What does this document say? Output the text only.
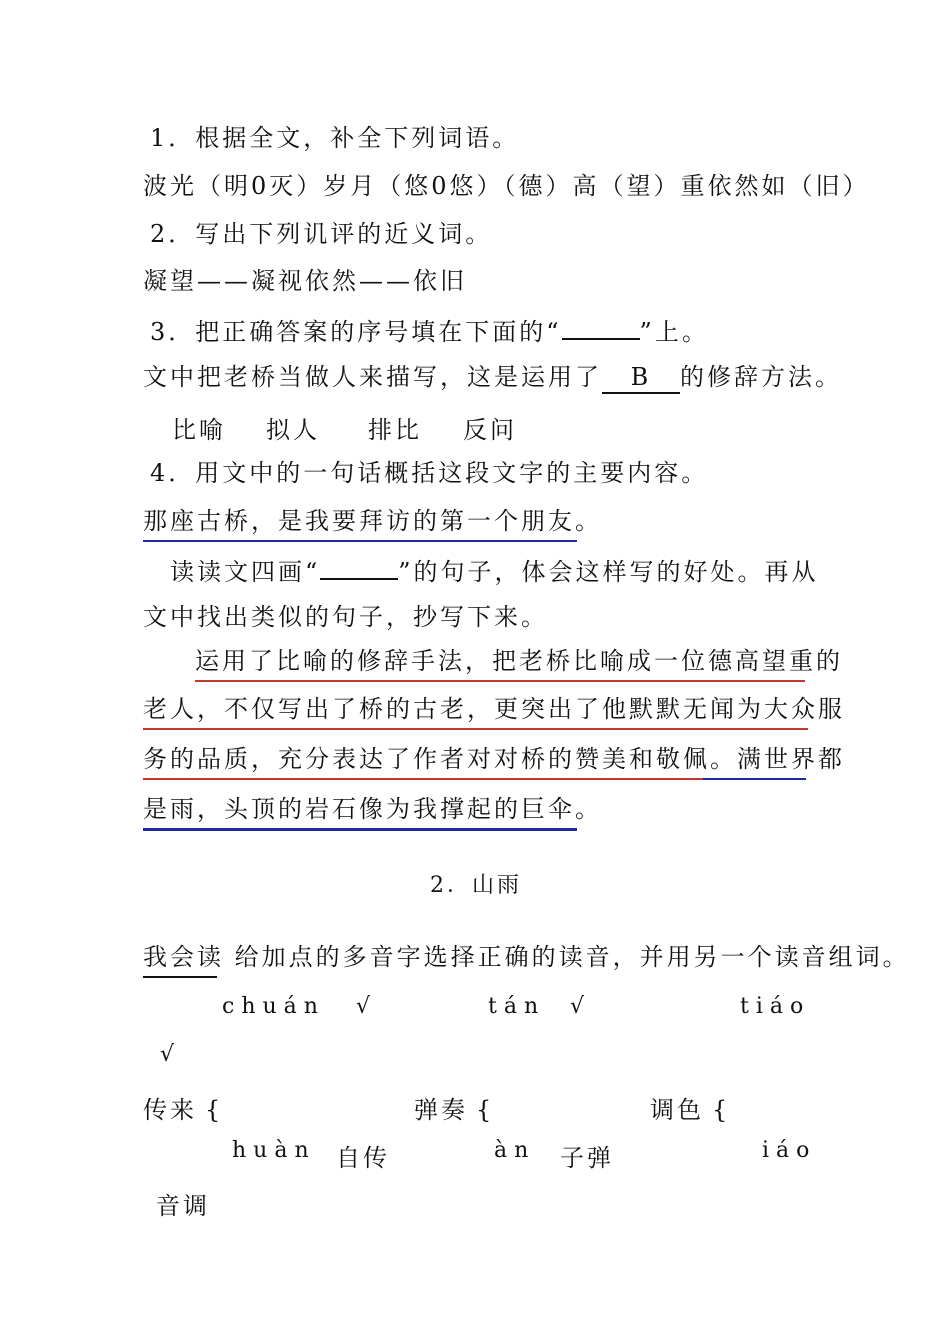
1．根据全文，补全下列词语。
波光（明0灭）岁月（悠0悠）（德）高（望）重依然如（旧）
2．写出下列讥评的近义词。
凝望——凝视依然——依旧
3．把正确答案的序号填在下面的“	”上。
文中把老桥当做人来描写，这是运用了 B 的修辞方法。
比喻 拟人 排比 反问
4．用文中的一句话概括这段文字的主要内容。
那座古桥，是我要拜访的第一个朋友。
读读文四画“	”的句子，体会这样写的好处。再从
文中找出类似的句子，抄写下来。
运用了比喻的修辞手法，把老桥比喻成一位德高望重的
老人，不仅写出了桥的古老，更突出了他默默无闻为大众服
务的品质，充分表达了作者对对桥的赞美和敬佩。满世界都
是雨，头顶的岩石像为我撑起的巨伞。
2．山雨
我会读 给加点的多音字选择正确的读音，并用另一个读音组词。
chuán √
传来 {
huàn 自传
tán √
弹奏 {
àn 子弹
tiáo
√
调色 {
iáo
音调
